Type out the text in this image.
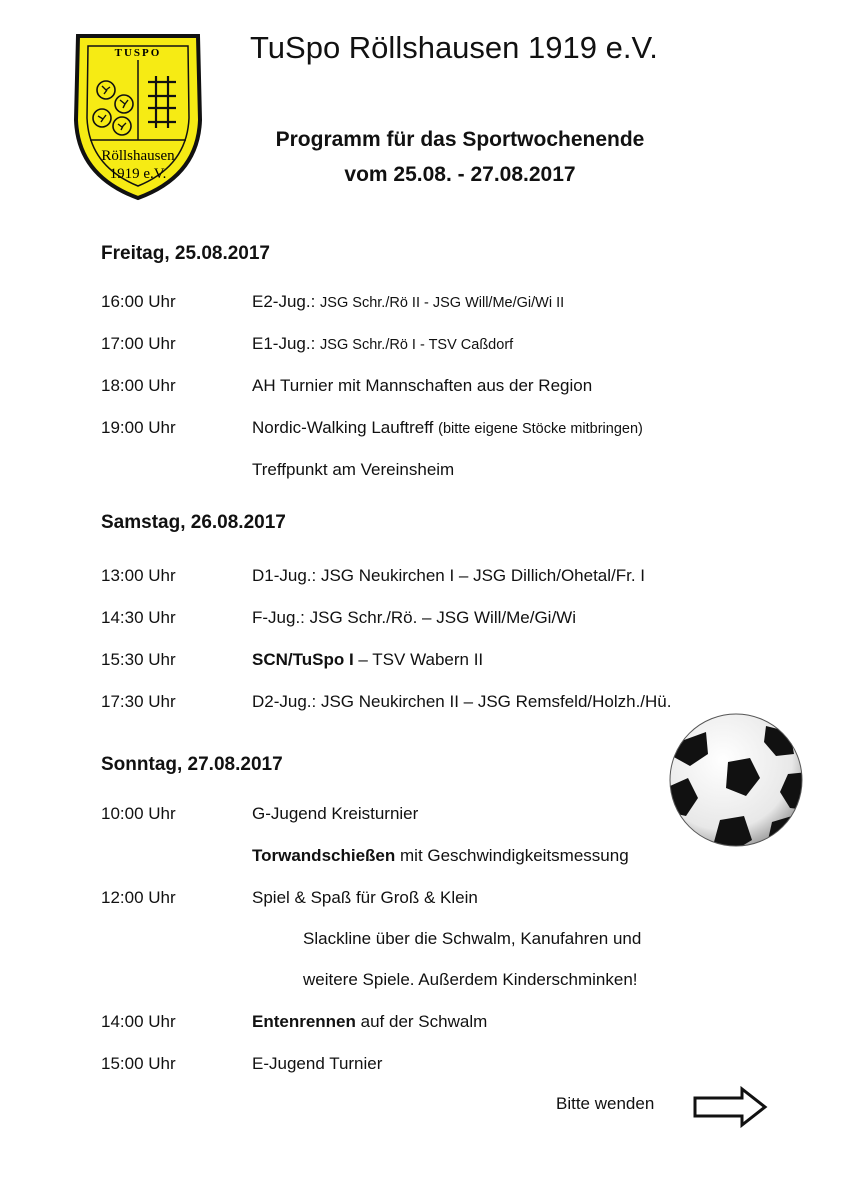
TUSPO
Röllshausen
1919 e.V.
TuSpo Röllshausen 1919 e.V.
Programm für das Sportwochenende
vom 25.08. - 27.08.2017
Freitag, 25.08.2017
16:00 Uhr	E2-Jug.: JSG Schr./Rö II - JSG Will/Me/Gi/Wi II
17:00 Uhr	E1-Jug.: JSG Schr./Rö I - TSV Caßdorf
18:00 Uhr	AH Turnier mit Mannschaften aus der Region
19:00 Uhr	Nordic-Walking Lauftreff (bitte eigene Stöcke mitbringen)
Treffpunkt am Vereinsheim
Samstag, 26.08.2017
13:00 Uhr	D1-Jug.: JSG Neukirchen I – JSG Dillich/Ohetal/Fr. I
14:30 Uhr	F-Jug.: JSG Schr./Rö. – JSG Will/Me/Gi/Wi
15:30 Uhr	SCN/TuSpo I – TSV Wabern II
17:30 Uhr	D2-Jug.: JSG Neukirchen II – JSG Remsfeld/Holzh./Hü.
Sonntag, 27.08.2017
10:00 Uhr	G-Jugend Kreisturnier
Torwandschießen mit Geschwindigkeitsmessung
12:00 Uhr	Spiel & Spaß für Groß & Klein
Slackline über die Schwalm, Kanufahren und
weitere Spiele. Außerdem Kinderschminken!
14:00 Uhr	Entenrennen auf der Schwalm
15:00 Uhr	E-Jugend Turnier
Bitte wenden
